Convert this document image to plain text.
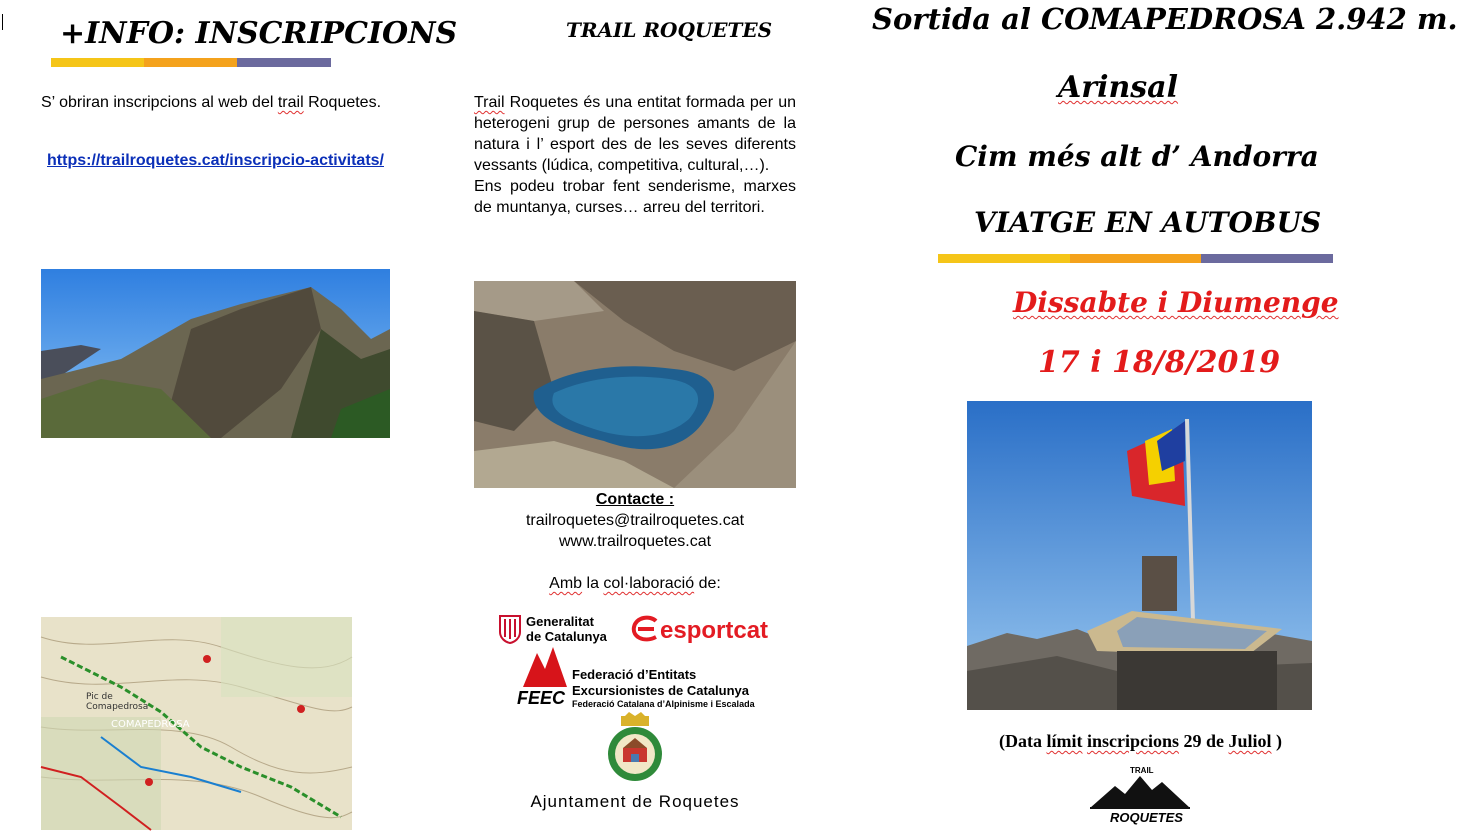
+INFO: INSCRIPCIONS
S’ obriran inscripcions al web del trail Roquetes.
https://trailroquetes.cat/inscripcio-activitats/
Pic de
Comapedrosa
COMAPEDROSA
TRAIL ROQUETES
Trail Roquetes és una entitat formada per un heterogeni grup de persones amants de la natura i l’ esport des de les seves diferents vessants (lúdica, competitiva, cultural,…).
Ens podeu trobar fent senderisme, marxes de muntanya, curses… arreu del territori.
Contacte :
trailroquetes@trailroquetes.cat
www.trailroquetes.cat
Amb la col·laboració de:
Generalitat
de Catalunya esportcat
FEEC
Federació d’Entitats
Excursionistes de Catalunya
Federació Catalana d’Alpinisme i Escalada
Ajuntament de Roquetes
Sortida al COMAPEDROSA 2.942 m.
Arinsal
Cim més alt d’ Andorra
VIATGE EN AUTOBUS
Dissabte i Diumenge
17 i 18/8/2019
(Data límit inscripcions 29 de Juliol )
TRAIL
ROQUETES
